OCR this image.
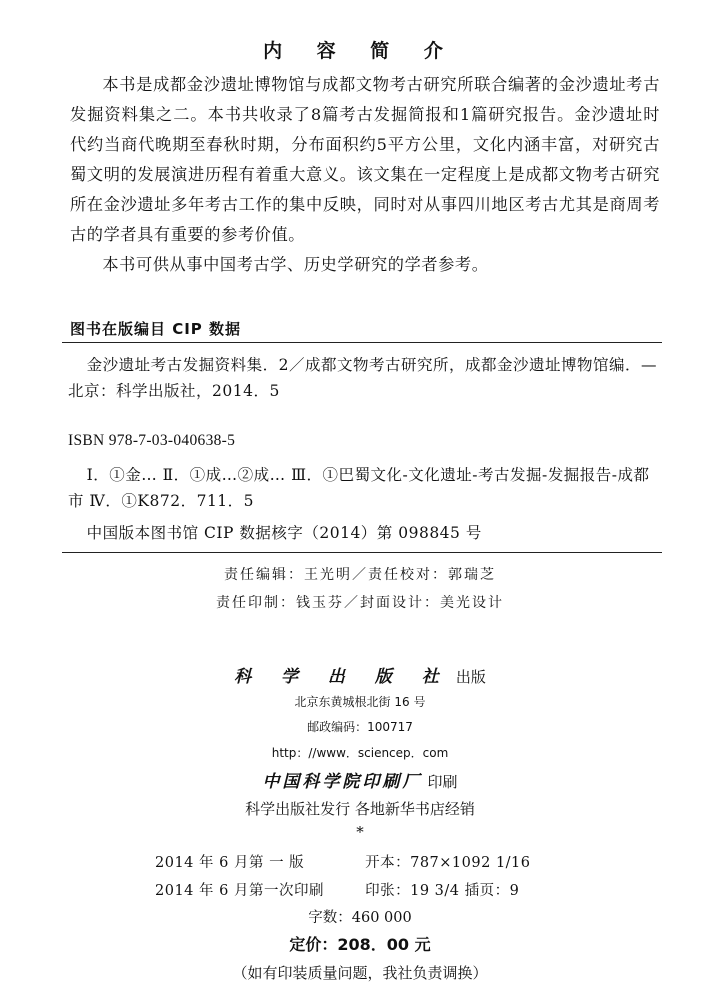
内 容 简 介

本书是成都金沙遗址博物馆与成都文物考古研究所联合编著的金沙遗址考古发掘资料集之二。本书共收录了8篇考古发掘简报和1篇研究报告。金沙遗址时代约当商代晚期至春秋时期，分布面积约5平方公里，文化内涵丰富，对研究古蜀文明的发展演进历程有着重大意义。该文集在一定程度上是成都文物考古研究所在金沙遗址多年考古工作的集中反映，同时对从事四川地区考古尤其是商周考古的学者具有重要的参考价值。

本书可供从事中国考古学、历史学研究的学者参考。

图书在版编目 CIP 数据

金沙遗址考古发掘资料集．2／成都文物考古研究所，成都金沙遗址博物馆编．—北京：科学出版社，2014．5

ISBN 978-7-03-040638-5

Ⅰ．①金… Ⅱ．①成…②成… Ⅲ．①巴蜀文化-文化遗址-考古发掘-发掘报告-成都市 Ⅳ．①K872．711．5

中国版本图书馆 CIP 数据核字（2014）第 098845 号

责任编辑：王光明／责任校对：郭瑞芝
责任印制：钱玉芬／封面设计：美光设计
科 学 出 版 社 出版
北京东黄城根北街 16 号
邮政编码：100717
http：//www．sciencep．com
中国科学院印刷厂 印刷
科学出版社发行 各地新华书店经销
*
2014 年 6 月第 一 版	开本：787×1092 1/16
2014 年 6 月第一次印刷	印张：19 3/4 插页：9
字数：460 000
定价：208．00 元
（如有印装质量问题，我社负责调换）
